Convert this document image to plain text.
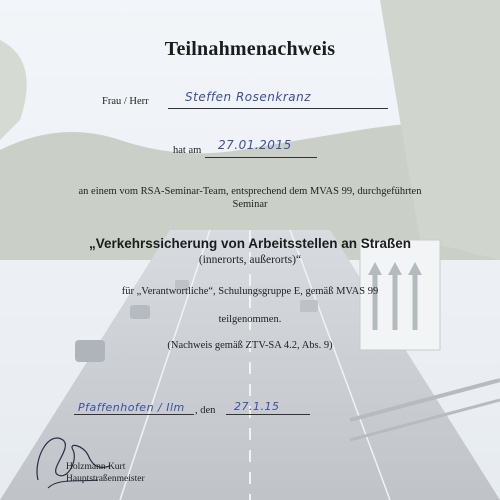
Teilnahmenachweis
Frau / Herr	Steffen Rosenkranz
hat am 27.01.2015
an einem vom RSA-Seminar-Team, entsprechend dem MVAS 99, durchgeführten
Seminar
„Verkehrssicherung von Arbeitsstellen an Straßen
(innerorts, außerorts)“
für „Verantwortliche“, Schulungsgruppe E, gemäß MVAS 99
teilgenommen.
(Nachweis gemäß ZTV-SA 4.2, Abs. 9)
Pfaffenhofen / Ilm , den 27.1.15
Holzmann Kurt
Hauptstraßenmeister
